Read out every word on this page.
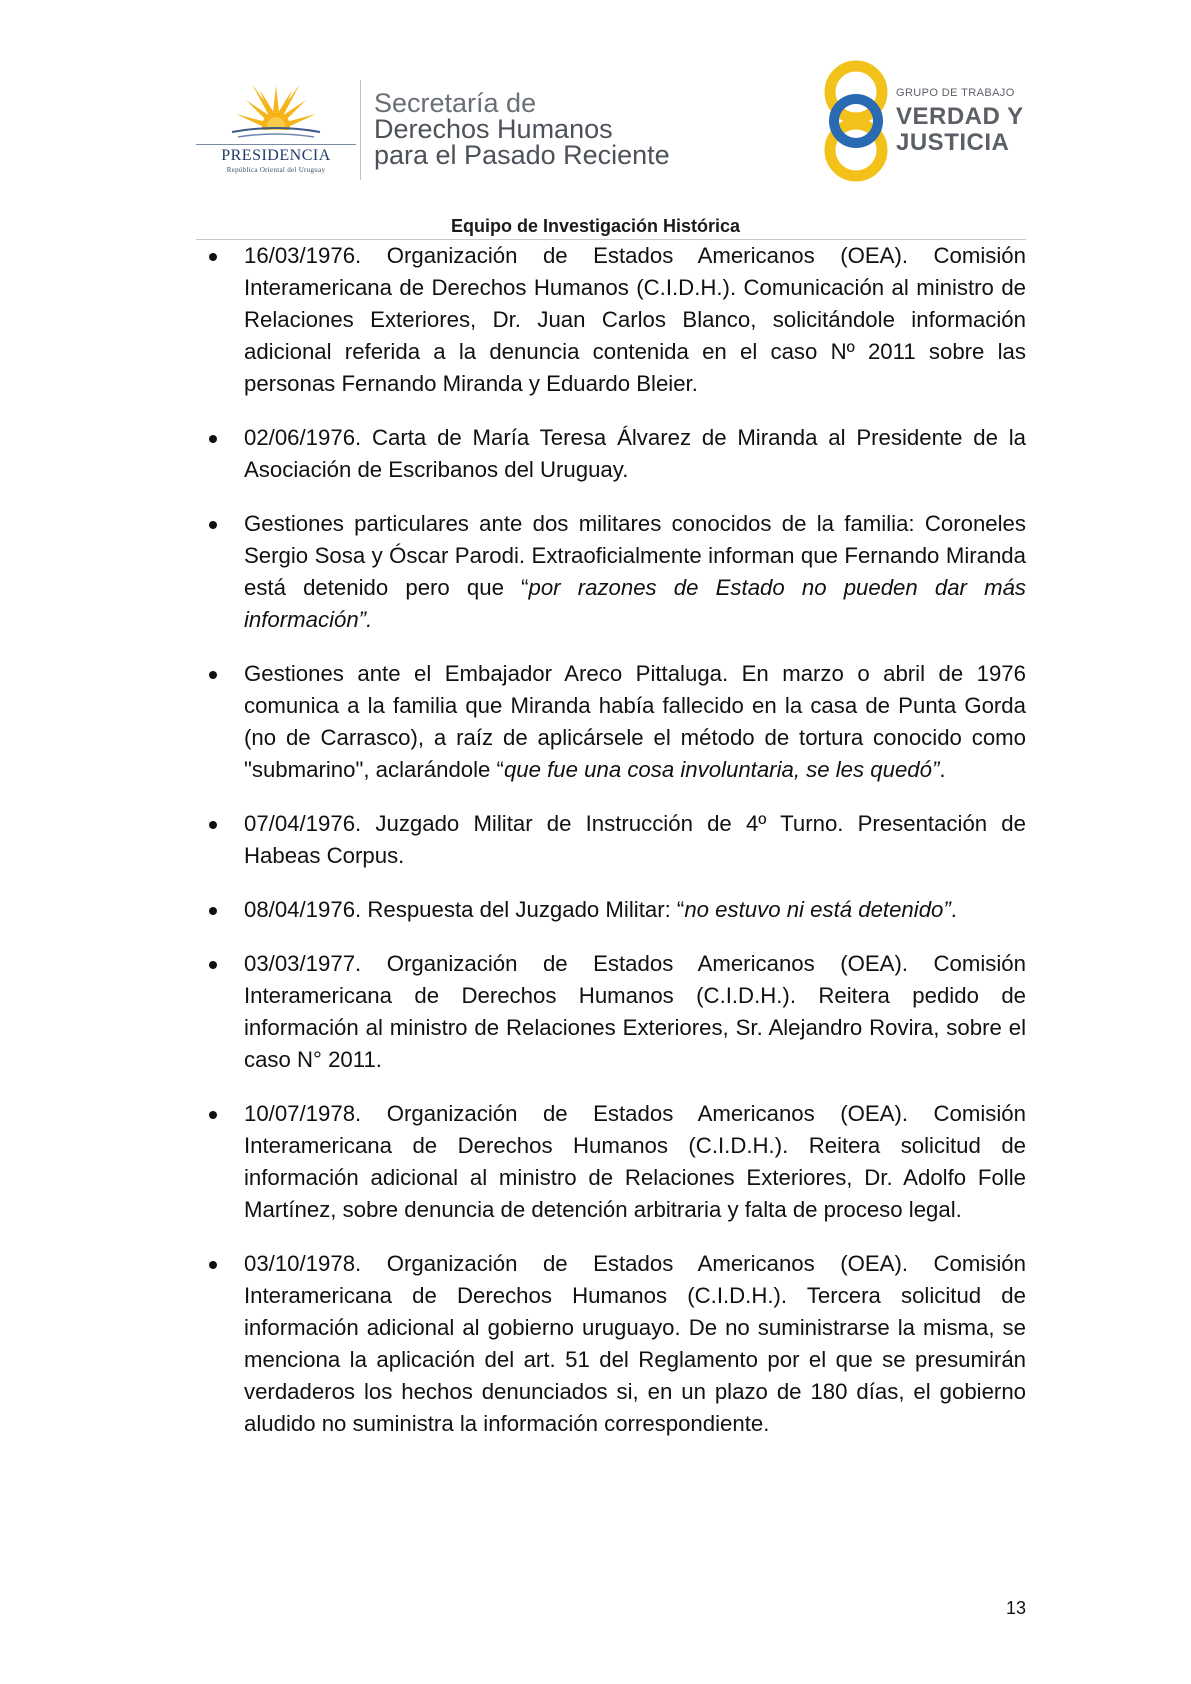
PRESIDENCIA
República Oriental del Uruguay
Secretaría de
Derechos Humanos
para el Pasado Reciente
GRUPO DE TRABAJO
VERDAD Y
JUSTICIA
Equipo de Investigación Histórica
16/03/1976. Organización de Estados Americanos (OEA). Comisión Interamericana de Derechos Humanos (C.I.D.H.). Comunicación al ministro de Relaciones Exteriores, Dr. Juan Carlos Blanco, solicitándole información adicional referida a la denuncia contenida en el caso Nº 2011 sobre las personas Fernando Miranda y Eduardo Bleier.
02/06/1976. Carta de María Teresa Álvarez de Miranda al Presidente de la Asociación de Escribanos del Uruguay.
Gestiones particulares ante dos militares conocidos de la familia: Coroneles Sergio Sosa y Óscar Parodi. Extraoficialmente informan que Fernando Miranda está detenido pero que “por razones de Estado no pueden dar más información”.
Gestiones ante el Embajador Areco Pittaluga. En marzo o abril de 1976 comunica a la familia que Miranda había fallecido en la casa de Punta Gorda (no de Carrasco), a raíz de aplicársele el método de tortura conocido como "submarino", aclarándole “que fue una cosa involuntaria, se les quedó”.
07/04/1976. Juzgado Militar de Instrucción de 4º Turno. Presentación de Habeas Corpus.
08/04/1976. Respuesta del Juzgado Militar: “no estuvo ni está detenido”.
03/03/1977. Organización de Estados Americanos (OEA). Comisión Interamericana de Derechos Humanos (C.I.D.H.). Reitera pedido de información al ministro de Relaciones Exteriores, Sr. Alejandro Rovira, sobre el caso N° 2011.
10/07/1978. Organización de Estados Americanos (OEA). Comisión Interamericana de Derechos Humanos (C.I.D.H.). Reitera solicitud de información adicional al ministro de Relaciones Exteriores, Dr. Adolfo Folle Martínez, sobre denuncia de detención arbitraria y falta de proceso legal.
03/10/1978. Organización de Estados Americanos (OEA). Comisión Interamericana de Derechos Humanos (C.I.D.H.). Tercera solicitud de información adicional al gobierno uruguayo. De no suministrarse la misma, se menciona la aplicación del art. 51 del Reglamento por el que se presumirán verdaderos los hechos denunciados si, en un plazo de 180 días, el gobierno aludido no suministra la información correspondiente.
13
